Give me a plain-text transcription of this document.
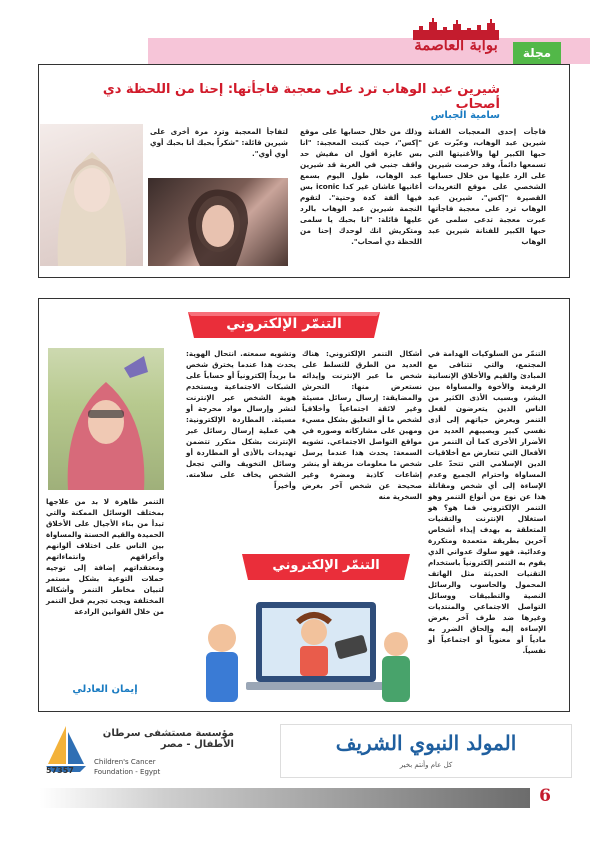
مجلة
بوابة العاصمة
شيرين عبد الوهاب ترد على معجبة فاجأتها: إحنا من اللحظة دي أصحاب
سامية الجباس
فاجأت إحدى المعجبات الفنانة شيرين عبد الوهاب، وعبّرت عن حبها الكبير لها والأغنيتها التي تسمعها دائماً، وقد حرصت شيرين على الرد عليها من خلال حسابها الشخصي على موقع التغريدات القصيرة "إكس". شيرين عبد الوهاب ترد على معجبة فاجأتها عبرت معجبة تدعى سلمى عن حبها الكبير للفنانة شيرين عبد الوهاب
وذلك من خلال حسابها على موقع "إكس"، حيث كتبت المعجبة: "انا بس عايزة أقول ان مفيش حد واقف جنبي في الغربة قد شيرين عبد الوهاب، طول اليوم بسمع أغانيها عاشان غير كدا iconic بس فيها ألفة كدة وحنية". لتقوم النجمة شيرين عبد الوهاب بالرد عليها قائلة: "انا بحبك يا سلمى ومتكريش انك لوحدك إحنا من اللحظة دي أصحاب".
لتفاجأ المعجبة وترد مرة أخرى على شيرين قائلة: "شكراً بحبك أنا بحبك أوي أوي أوي".
التنمّر الإلكتروني
التنمّر من السلوكيات الهدامة في المجتمع، والتي تتنافى مع المبادئ والقيم والأخلاق الإنسانية الرفيعة والأخوة والمساواة بين البشر، وبسبب الأذى الكثير من الناس الذين يتعرضون لفعل التنمر ويعرض حياتهم إلى أذى نفسي كبير ويصيبهم العديد من الأضرار الأخرى كما أن التنمر من الأفعال التي تتعارض مع أخلاقيات الدين الإسلامي التي تتحدّ على المساواة واحترام الجميع وعدم الإساءة إلى أي شخص ومقاتلة هذا عن نوع من أنواع التنمر وهو التنمر الإلكتروني فما هو؟ هو استغلال الإنترنت والتقنيات المتعلقة به بهدف إيذاء أشخاص آخرين بطريقة متعمدة ومتكررة وعدائية. فهو سلوك عدواني الذي يقوم به التنمر إلكترونياً باستخدام التقنيات الحديثة مثل الهاتف المحمول والحاسوب والرسائل النصية والتطبيقات ووسائل التواصل الاجتماعي والمنتديات وغيرها ضد طرف آخر بغرض الإساءة إليه وإلحاق الضرر به مادياً أو معنوياً أو اجتماعياً أو نفسياً.
أشكال التنمر الإلكتروني: هناك العديد من الطرق للتسلط على شخص ما عبر الإنترنت وإيذائه نستعرض منها: التحرش والمضايقة: إرسال رسائل مسيئة وغير لائقة اجتماعياً وأخلاقياً لشخص ما أو التعليق بشكل مسيء ومهين على مشاركاته وصوره في مواقع التواصل الاجتماعي. تشويه السمعة: يحدث هذا عندما يرسل شخص ما معلومات مزيفة أو ينشر إشاعات كاذبة ومضرة وغير صحيحة عن شخص آخر بغرض السخرية منه
وتشويه سمعته. انتحال الهوية: يحدث هذا عندما يخترق شخص ما بريداً إلكترونياً أو حساباً على الشبكات الاجتماعية ويستخدم هوية الشخص عبر الإنترنت لنشر وإرسال مواد محرجة أو مسيئة. المطاردة الإلكترونية: هي عملية إرسال رسائل عبر الإنترنت بشكل متكرر تتضمن تهديدات بالأذى أو المطاردة أو وسائل التخويف والتي تجعل الشخص يخاف على سلامته. وأخيراً
التنمر ظاهرة لا بد من علاجها بمختلف الوسائل الممكنة والتي تبدأ من بناء الأجيال على الأخلاق الحميدة والقيم الحسنة والمساواة بين الناس على اختلاف ألوانهم وأعراقهم وانتماءاتهم ومعتقداتهم إضافة إلى توجيه حملات التوعية بشكل مستمر لتبيان مخاطر التنمر وأشكاله المختلفة ويجب تجريم فعل التنمر من خلال القوانين الرادعة
إيمان العادلي
التنمّر الإلكتروني
57357
مؤسسة مستشفى سرطان الأطفال - مصر
Children's Cancer
Foundation - Egypt
المولد النبوي الشريف
كل عام وأنتم بخير
6
